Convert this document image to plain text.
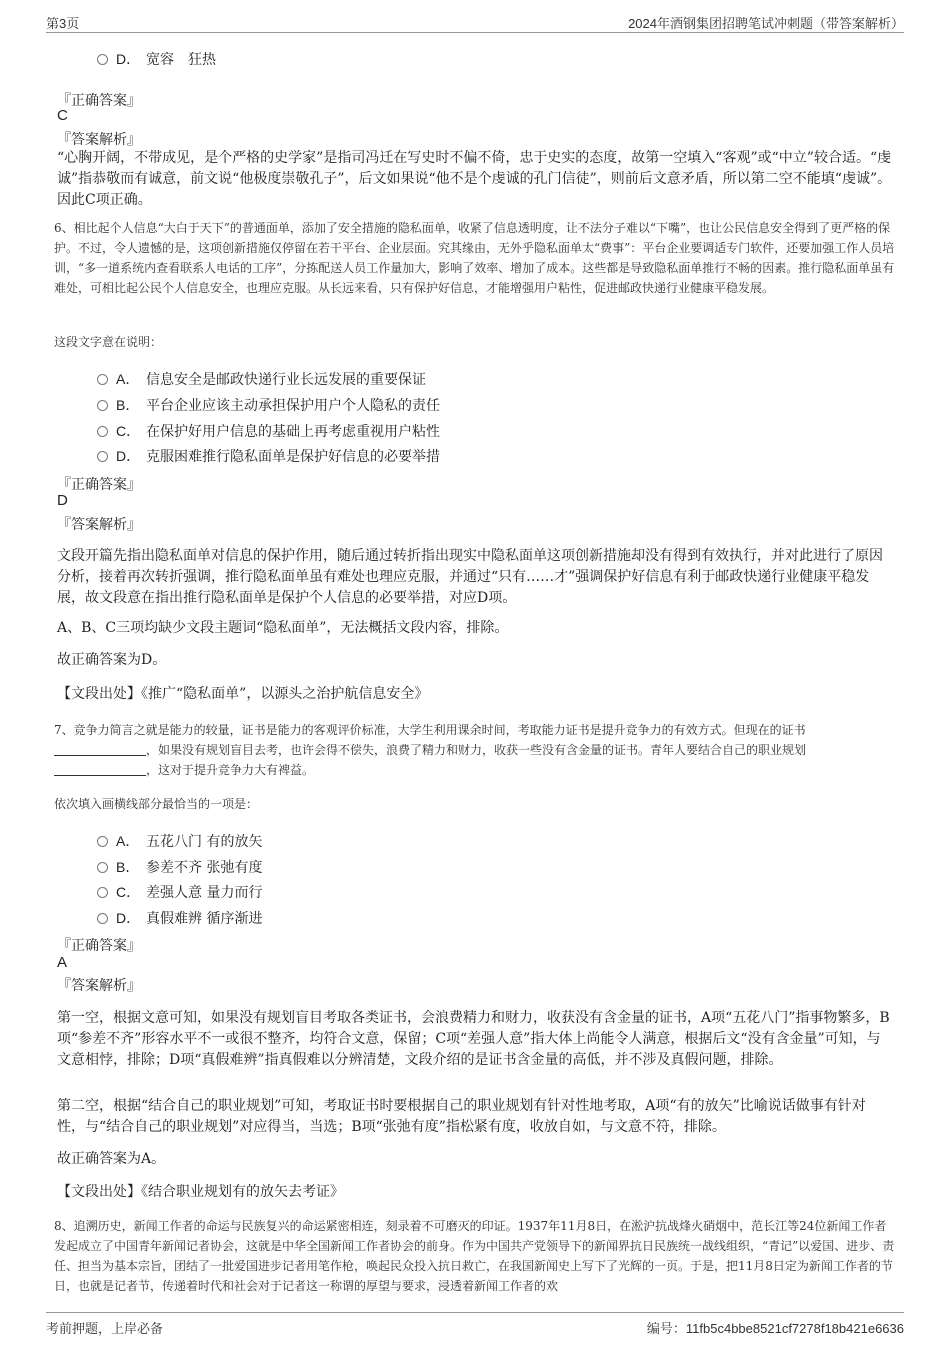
第3页	2024年酒钢集团招聘笔试冲刺题（带答案解析）
D． 宽容　狂热
『正确答案』
C
『答案解析』
“心胸开阔，不带成见，是个严格的史学家”是指司冯迁在写史时不偏不倚，忠于史实的态度，故第一空填入“客观”或“中立”较合适。“虔诚”指恭敬而有诚意，前文说“他极度崇敬孔子”，后文如果说“他不是个虔诚的孔门信徒”，则前后文意矛盾，所以第二空不能填“虔诚”。因此C项正确。
6、相比起个人信息“大白于天下”的普通面单，添加了安全措施的隐私面单，收紧了信息透明度，让不法分子难以“下嘴”，也让公民信息安全得到了更严格的保护。不过，令人遗憾的是，这项创新措施仅停留在若干平台、企业层面。究其缘由，无外乎隐私面单太“费事”：平台企业要调适专门软件，还要加强工作人员培训，“多一道系统内查看联系人电话的工序”，分拣配送人员工作量加大，影响了效率、增加了成本。这些都是导致隐私面单推行不畅的因素。推行隐私面单虽有难处，可相比起公民个人信息安全，也理应克服。从长远来看，只有保护好信息，才能增强用户粘性，促进邮政快递行业健康平稳发展。
这段文字意在说明：
A． 信息安全是邮政快递行业长远发展的重要保证
B． 平台企业应该主动承担保护用户个人隐私的责任
C． 在保护好用户信息的基础上再考虑重视用户粘性
D． 克服困难推行隐私面单是保护好信息的必要举措
『正确答案』
D
『答案解析』
文段开篇先指出隐私面单对信息的保护作用，随后通过转折指出现实中隐私面单这项创新措施却没有得到有效执行，并对此进行了原因分析，接着再次转折强调，推行隐私面单虽有难处也理应克服，并通过“只有……才”强调保护好信息有利于邮政快递行业健康平稳发展，故文段意在指出推行隐私面单是保护个人信息的必要举措，对应D项。
A、B、C三项均缺少文段主题词“隐私面单”，无法概括文段内容，排除。
故正确答案为D。
【文段出处】《推广“隐私面单”，以源头之治护航信息安全》
7、竞争力简言之就是能力的较量，证书是能力的客观评价标准，大学生利用课余时间，考取能力证书是提升竞争力的有效方式。但现在的证书，如果没有规划盲目去考，也许会得不偿失，浪费了精力和财力，收获一些没有含金量的证书。青年人要结合自己的职业规划，这对于提升竞争力大有裨益。
依次填入画横线部分最恰当的一项是：
A． 五花八门 有的放矢
B． 参差不齐 张弛有度
C． 差强人意 量力而行
D． 真假难辨 循序渐进
『正确答案』
A
『答案解析』
第一空，根据文意可知，如果没有规划盲目考取各类证书，会浪费精力和财力，收获没有含金量的证书，A项“五花八门”指事物繁多，B项“参差不齐”形容水平不一或很不整齐，均符合文意，保留；C项“差强人意”指大体上尚能令人满意，根据后文“没有含金量”可知，与文意相悖，排除；D项“真假难辨”指真假难以分辨清楚，文段介绍的是证书含金量的高低，并不涉及真假问题，排除。
第二空，根据“结合自己的职业规划”可知，考取证书时要根据自己的职业规划有针对性地考取，A项“有的放矢”比喻说话做事有针对性，与“结合自己的职业规划”对应得当，当选；B项“张弛有度”指松紧有度，收放自如，与文意不符，排除。
故正确答案为A。
【文段出处】《结合职业规划有的放矢去考证》
8、追溯历史，新闻工作者的命运与民族复兴的命运紧密相连，刻录着不可磨灭的印证。1937年11月8日，在淞沪抗战烽火硝烟中，范长江等24位新闻工作者发起成立了中国青年新闻记者协会，这就是中华全国新闻工作者协会的前身。作为中国共产党领导下的新闻界抗日民族统一战线组织，“青记”以爱国、进步、责任、担当为基本宗旨，团结了一批爱国进步记者用笔作枪，唤起民众投入抗日救亡，在我国新闻史上写下了光辉的一页。于是，把11月8日定为新闻工作者的节日，也就是记者节，传递着时代和社会对于记者这一称谓的厚望与要求，浸透着新闻工作者的欢
考前押题，上岸必备	编号：11fb5c4bbe8521cf7278f18b421e6636
